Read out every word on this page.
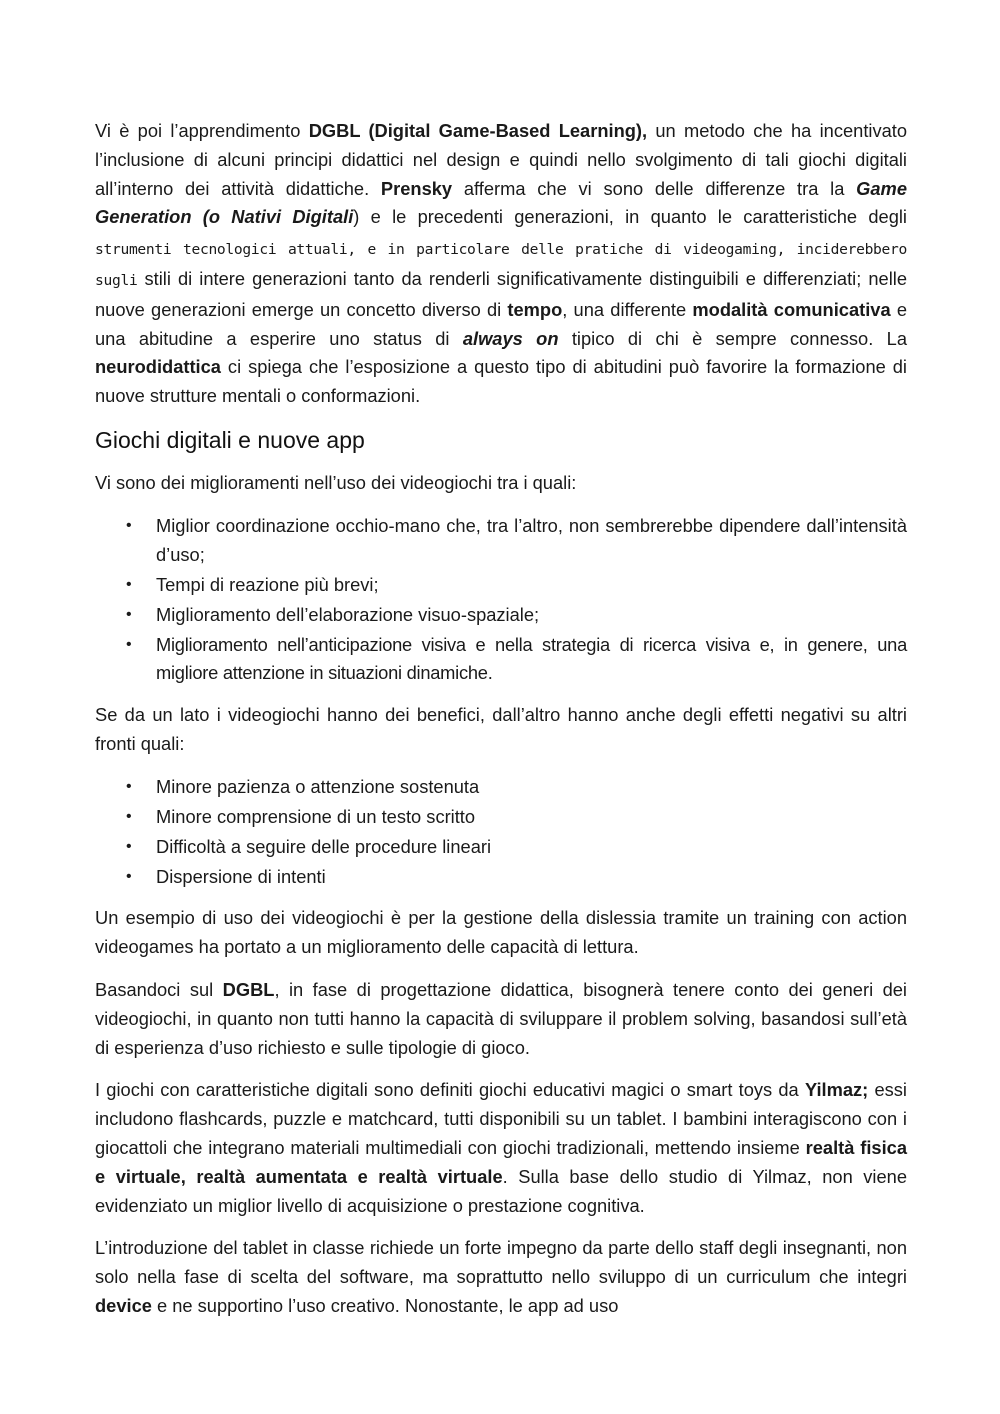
Vi è poi l’apprendimento DGBL (Digital Game-Based Learning), un metodo che ha incentivato l’inclusione di alcuni principi didattici nel design e quindi nello svolgimento di tali giochi digitali all’interno dei attività didattiche. Prensky afferma che vi sono delle differenze tra la Game Generation (o Nativi Digitali) e le precedenti generazioni, in quanto le caratteristiche degli strumenti tecnologici attuali, e in particolare delle pratiche di videogaming, inciderebbero sugli stili di intere generazioni tanto da renderli significativamente distinguibili e differenziati; nelle nuove generazioni emerge un concetto diverso di tempo, una differente modalità comunicativa e una abitudine a esperire uno status di always on tipico di chi è sempre connesso. La neurodidattica ci spiega che l’esposizione a questo tipo di abitudini può favorire la formazione di nuove strutture mentali o conformazioni.

Giochi digitali e nuove app

Vi sono dei miglioramenti nell’uso dei videogiochi tra i quali:

• Miglior coordinazione occhio-mano che, tra l’altro, non sembrerebbe dipendere dall’intensità d’uso;
• Tempi di reazione più brevi;
• Miglioramento dell’elaborazione visuo-spaziale;
• Miglioramento nell’anticipazione visiva e nella strategia di ricerca visiva e, in genere, una migliore attenzione in situazioni dinamiche.

Se da un lato i videogiochi hanno dei benefici, dall’altro hanno anche degli effetti negativi su altri fronti quali:

• Minore pazienza o attenzione sostenuta
• Minore comprensione di un testo scritto
• Difficoltà a seguire delle procedure lineari
• Dispersione di intenti

Un esempio di uso dei videogiochi è per la gestione della dislessia tramite un training con action videogames ha portato a un miglioramento delle capacità di lettura.

Basandoci sul DGBL, in fase di progettazione didattica, bisognerà tenere conto dei generi dei videogiochi, in quanto non tutti hanno la capacità di sviluppare il problem solving, basandosi sull’età di esperienza d’uso richiesto e sulle tipologie di gioco.

I giochi con caratteristiche digitali sono definiti giochi educativi magici o smart toys da Yilmaz; essi includono flashcards, puzzle e matchcard, tutti disponibili su un tablet. I bambini interagiscono con i giocattoli che integrano materiali multimediali con giochi tradizionali, mettendo insieme realtà fisica e virtuale, realtà aumentata e realtà virtuale. Sulla base dello studio di Yilmaz, non viene evidenziato un miglior livello di acquisizione o prestazione cognitiva.

L’introduzione del tablet in classe richiede un forte impegno da parte dello staff degli insegnanti, non solo nella fase di scelta del software, ma soprattutto nello sviluppo di un curriculum che integri device e ne supportino l’uso creativo. Nonostante, le app ad uso
